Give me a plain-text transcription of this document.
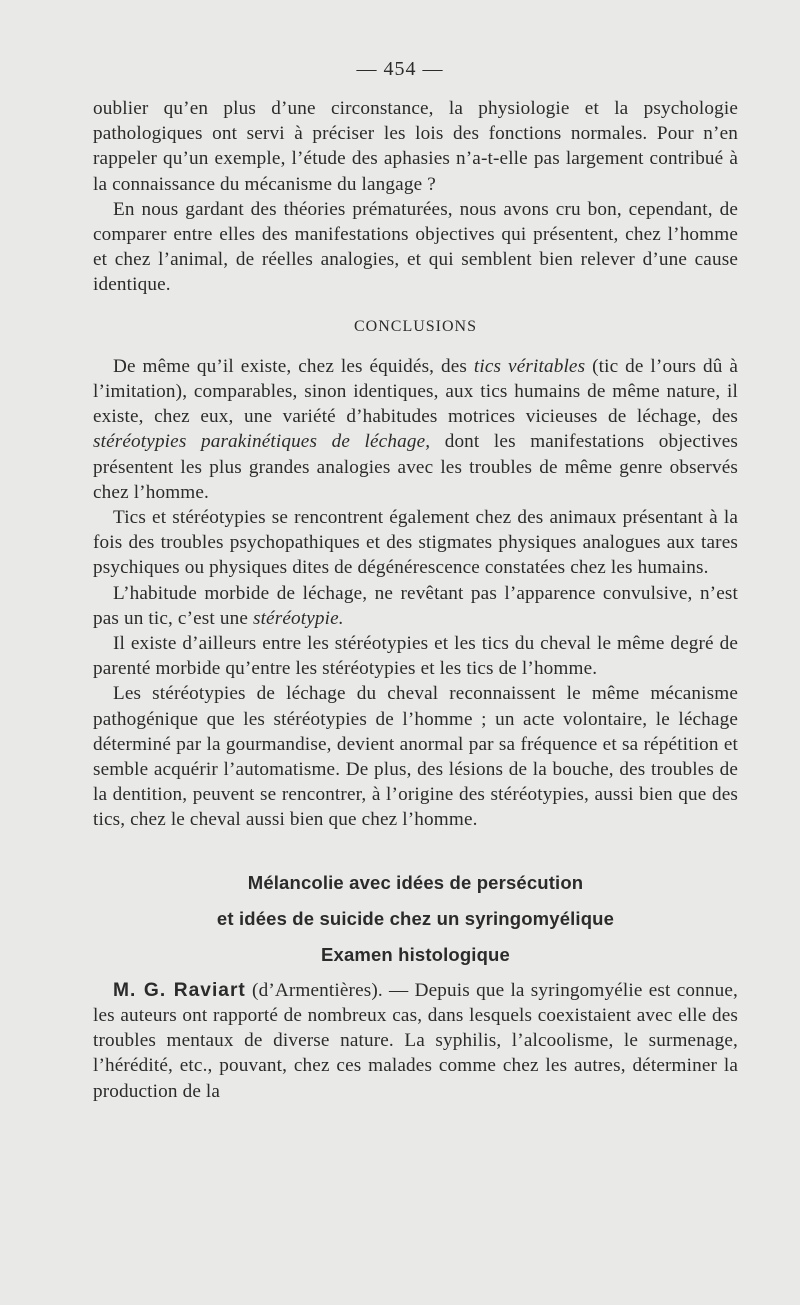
— 454 —

oublier qu’en plus d’une circonstance, la physiologie et la psychologie pathologiques ont servi à préciser les lois des fonctions normales. Pour n’en rappeler qu’un exemple, l’étude des aphasies n’a-t-elle pas largement contribué à la connaissance du mécanisme du langage ?

En nous gardant des théories prématurées, nous avons cru bon, cependant, de comparer entre elles des manifestations objectives qui présentent, chez l’homme et chez l’animal, de réelles analogies, et qui semblent bien relever d’une cause identique.

CONCLUSIONS

De même qu’il existe, chez les équidés, des tics véritables (tic de l’ours dû à l’imitation), comparables, sinon identiques, aux tics humains de même nature, il existe, chez eux, une variété d’habitudes motrices vicieuses de léchage, des stéréotypies parakinétiques de léchage, dont les manifestations objectives présentent les plus grandes analogies avec les troubles de même genre observés chez l’homme.

Tics et stéréotypies se rencontrent également chez des animaux présentant à la fois des troubles psychopathiques et des stigmates physiques analogues aux tares psychiques ou physiques dites de dégénérescence constatées chez les humains.

L’habitude morbide de léchage, ne revêtant pas l’apparence convulsive, n’est pas un tic, c’est une stéréotypie.

Il existe d’ailleurs entre les stéréotypies et les tics du cheval le même degré de parenté morbide qu’entre les stéréotypies et les tics de l’homme.

Les stéréotypies de léchage du cheval reconnaissent le même mécanisme pathogénique que les stéréotypies de l’homme ; un acte volontaire, le léchage déterminé par la gourmandise, devient anormal par sa fréquence et sa répétition et semble acquérir l’automatisme. De plus, des lésions de la bouche, des troubles de la dentition, peuvent se rencontrer, à l’origine des stéréotypies, aussi bien que des tics, chez le cheval aussi bien que chez l’homme.

Mélancolie avec idées de persécution
et idées de suicide chez un syringomyélique
Examen histologique

M. G. Raviart (d’Armentières). — Depuis que la syringomyélie est connue, les auteurs ont rapporté de nombreux cas, dans lesquels coexistaient avec elle des troubles mentaux de diverse nature. La syphilis, l’alcoolisme, le surmenage, l’hérédité, etc., pouvant, chez ces malades comme chez les autres, déterminer la production de la
